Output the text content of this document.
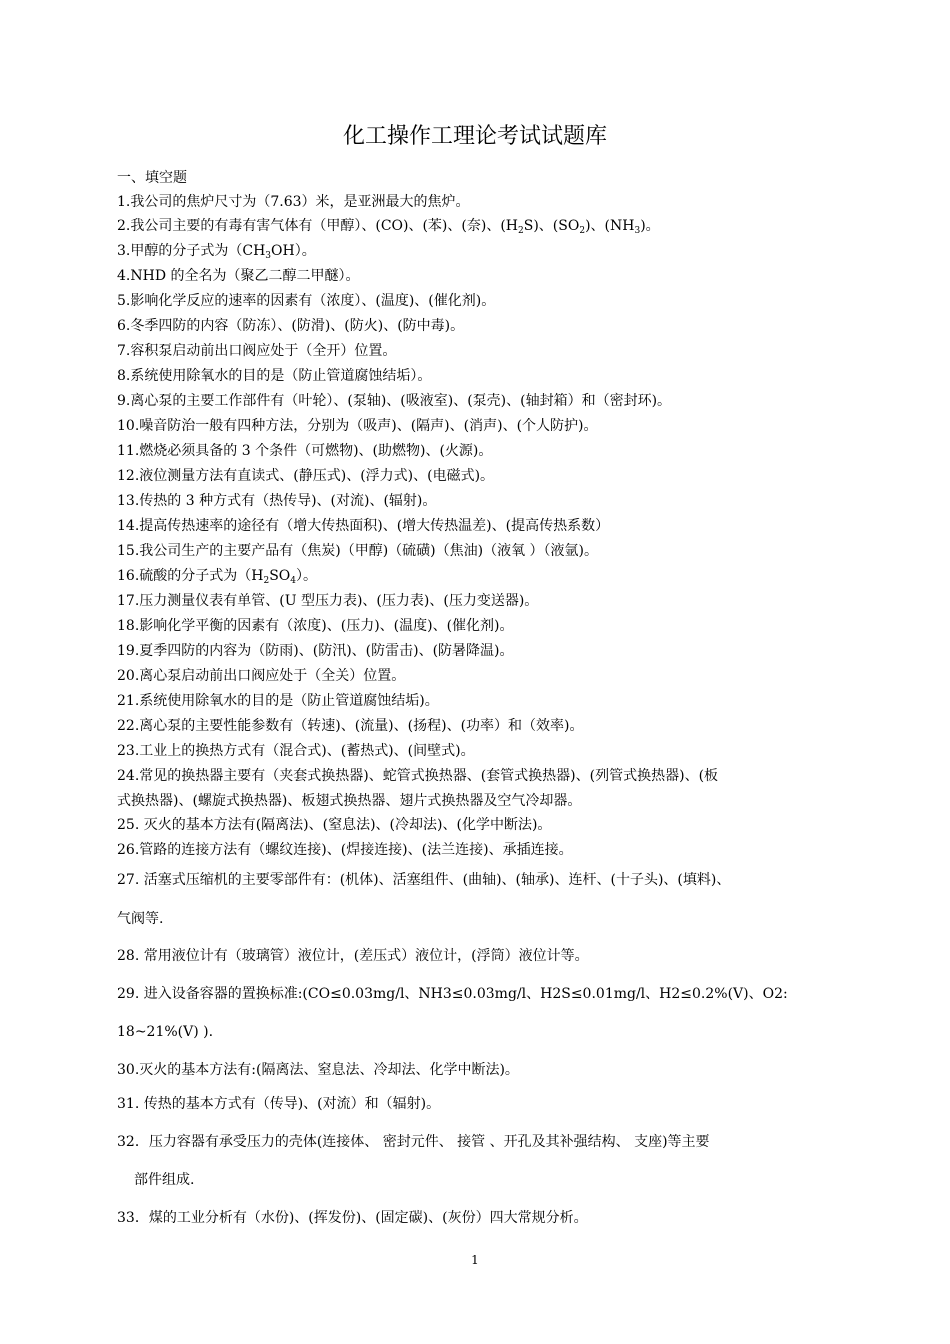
化工操作工理论考试试题库
一、填空题
1.我公司的焦炉尺寸为（7.63）米，是亚洲最大的焦炉。
2.我公司主要的有毒有害气体有（甲醇）、(CO)、(苯)、(奈)、$(H_2S)$、$(SO_2)$、$(NH_3)$。
3.甲醇的分子式为$(CH_3OH)$。
4.NHD 的全名为（聚乙二醇二甲醚）。
5.影响化学反应的速率的因素有（浓度）、(温度)、(催化剂)。
6.冬季四防的内容（防冻）、(防滑)、(防火)、(防中毒)。
7.容积泵启动前出口阀应处于（全开）位置。
8.系统使用除氧水的目的是（防止管道腐蚀结垢）。
9.离心泵的主要工作部件有（叶轮）、(泵轴)、(吸液室)、(泵壳)、(轴封箱）和（密封环)。
10.噪音防治一般有四种方法，分别为（吸声)、(隔声)、(消声)、(个人防护)。
11.燃烧必须具备的 3 个条件（可燃物)、(助燃物)、(火源)。
12.液位测量方法有直读式、(静压式)、(浮力式)、(电磁式)。
13.传热的 3 种方式有（热传导)、(对流)、(辐射)。
14.提高传热速率的途径有（增大传热面积)、(增大传热温差)、(提高传热系数）
15.我公司生产的主要产品有（焦炭)（甲醇)（硫磺)（焦油)（液氧 ）（液氩)。
16.硫酸的分子式为$(H_2SO_4)$。
17.压力测量仪表有单管、(U 型压力表)、(压力表)、(压力变送器)。
18.影响化学平衡的因素有（浓度)、(压力)、(温度)、(催化剂)。
19.夏季四防的内容为（防雨)、(防汛)、(防雷击)、(防暑降温)。
20.离心泵启动前出口阀应处于（全关）位置。
21.系统使用除氧水的目的是（防止管道腐蚀结垢)。
22.离心泵的主要性能参数有（转速)、(流量)、(扬程)、(功率）和（效率)。
23.工业上的换热方式有（混合式)、(蓄热式)、(间壁式)。
24.常见的换热器主要有（夹套式换热器)、蛇管式换热器、(套管式换热器)、(列管式换热器)、(板
式换热器)、(螺旋式换热器)、板翅式换热器、翅片式换热器及空气冷却器。
25. 灭火的基本方法有(隔离法)、(窒息法)、(冷却法)、(化学中断法)。
26.管路的连接方法有（螺纹连接)、(焊接连接)、(法兰连接)、承插连接。
27. 活塞式压缩机的主要零部件有：(机体)、活塞组件、(曲轴)、(轴承)、连杆、(十子头)、(填料)、
气阀等.
28. 常用液位计有（玻璃管）液位计，(差压式）液位计，(浮筒）液位计等。
29. 进入设备容器的置换标准:(CO≤0.03mg/l、NH3≤0.03mg/l、H2S≤0.01mg/l、H2≤0.2%(V)、O2:
18~21%(V) ).
30.灭火的基本方法有:(隔离法、窒息法、冷却法、化学中断法)。
31. 传热的基本方式有（传导)、(对流）和（辐射)。
32．压力容器有承受压力的壳体(连接体、 密封元件、 接管 、开孔及其补强结构、 支座)等主要
部件组成.
33．煤的工业分析有（水份)、(挥发份)、(固定碳)、(灰份）四大常规分析。
1
